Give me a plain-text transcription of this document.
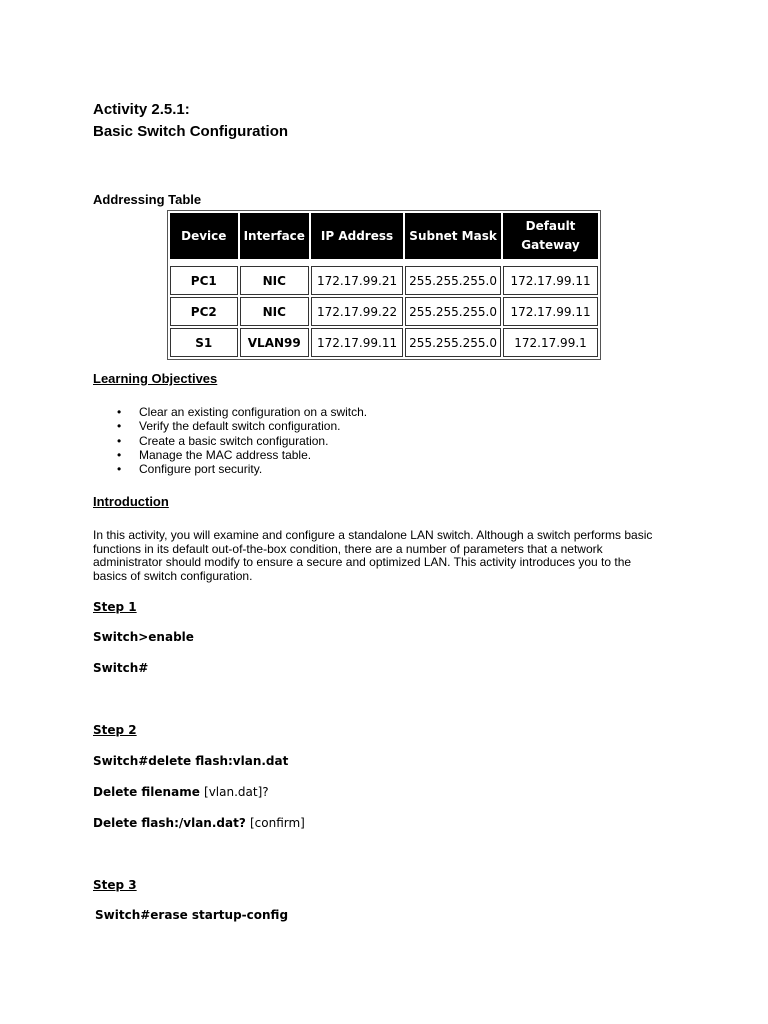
Activity 2.5.1:
Basic Switch Configuration
Addressing Table
Device	Interface	IP Address	Subnet Mask	Default Gateway

PC1	NIC	172.17.99.21	255.255.255.0	172.17.99.11
PC2	NIC	172.17.99.22	255.255.255.0	172.17.99.11
S1	VLAN99	172.17.99.11	255.255.255.0	172.17.99.1
Learning Objectives
• Clear an existing configuration on a switch.
• Verify the default switch configuration.
• Create a basic switch configuration.
• Manage the MAC address table.
• Configure port security.
Introduction
In this activity, you will examine and configure a standalone LAN switch. Although a switch performs basic
functions in its default out-of-the-box condition, there are a number of parameters that a network
administrator should modify to ensure a secure and optimized LAN. This activity introduces you to the
basics of switch configuration.
Step 1
Switch>enable
Switch#
Step 2
Switch#delete flash:vlan.dat
Delete filename [vlan.dat]?
Delete flash:/vlan.dat? [confirm]
Step 3
Switch#erase startup-config
